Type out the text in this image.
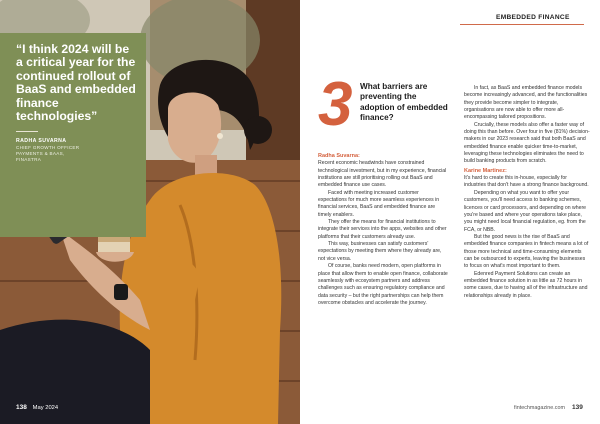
“I think 2024 will be a critical year for the continued rollout of BaaS and embedded finance technologies”
RADHA SUVARNA
CHIEF GROWTH OFFICER
PAYMENTS & BAAS,
FINASTRA
138 May 2024
EMBEDDED FINANCE
3 What barriers are preventing the adoption of embedded finance?

Radha Suvarna:

Recent economic headwinds have constrained technological investment, but in my experience, financial institutions are still prioritising rolling out BaaS and embedded finance use cases.

Faced with meeting increased customer expectations for much more seamless experiences in financial services, BaaS and embedded finance are timely enablers.

They offer the means for financial institutions to integrate their services into the apps, websites and other platforms that their customers already use.

This way, businesses can satisfy customers' expectations by meeting them where they already are, not vice versa.

Of course, banks need modern, open platforms in place that allow them to enable open finance, collaborate seamlessly with ecosystem partners and address challenges such as ensuring regulatory compliance and data security – but the right partnerships can help them overcome obstacles and accelerate the journey.

In fact, as BaaS and embedded finance models become increasingly advanced, and the functionalities they provide become simpler to integrate, organisations are now able to offer more all-encompassing tailored propositions.

Crucially, these models also offer a faster way of doing this than before. Over four in five (81%) decision-makers in our 2023 research said that both BaaS and embedded finance enable quicker time-to-market, leveraging these technologies eliminates the need to build banking products from scratch.

Karine Martinez:

It's hard to create this in-house, especially for industries that don't have a strong finance background.

Depending on what you want to offer your customers, you'll need access to banking schemes, licences or card processors, and depending on where you're based and where your operations take place, you might need local financial regulation, eg. from the FCA, or NBB.

But the good news is the rise of BaaS and embedded finance companies in fintech means a lot of those more technical and time-consuming elements can be outsourced to experts, leaving the businesses to focus on what's most important to them.

Edenred Payment Solutions can create an embedded finance solution in as little as 72 hours in some cases, due to having all of the infrastructure and relationships already in place.

fintechmagazine.com 139
